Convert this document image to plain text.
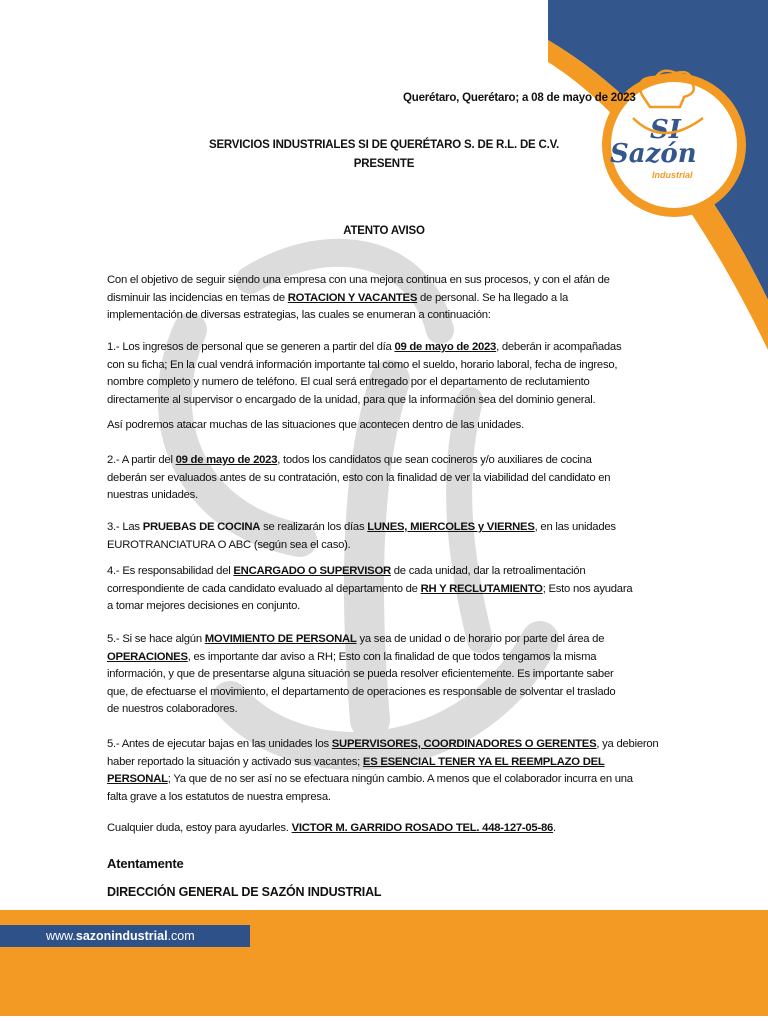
SI
Sazón
Industrial
Querétaro, Querétaro; a 08 de mayo de 2023
SERVICIOS INDUSTRIALES SI DE QUERÉTARO S. DE R.L. DE C.V.
PRESENTE
ATENTO AVISO
Con el objetivo de seguir siendo una empresa con una mejora continua en sus procesos, y con el afán de
disminuir las incidencias en temas de ROTACION Y VACANTES de personal. Se ha llegado a la
implementación de diversas estrategias, las cuales se enumeran a continuación:
1.- Los ingresos de personal que se generen a partir del día 09 de mayo de 2023, deberán ir acompañadas
con su ficha; En la cual vendrá información importante tal como el sueldo, horario laboral, fecha de ingreso,
nombre completo y numero de teléfono. El cual será entregado por el departamento de reclutamiento
directamente al supervisor o encargado de la unidad, para que la información sea del dominio general.
Así podremos atacar muchas de las situaciones que acontecen dentro de las unidades.
2.- A partir del 09 de mayo de 2023, todos los candidatos que sean cocineros y/o auxiliares de cocina
deberán ser evaluados antes de su contratación, esto con la finalidad de ver la viabilidad del candidato en
nuestras unidades.
3.- Las PRUEBAS DE COCINA se realizarán los días LUNES, MIERCOLES y VIERNES, en las unidades
EUROTRANCIATURA O ABC (según sea el caso).
4.- Es responsabilidad del ENCARGADO O SUPERVISOR de cada unidad, dar la retroalimentación
correspondiente de cada candidato evaluado al departamento de RH Y RECLUTAMIENTO; Esto nos ayudara
a tomar mejores decisiones en conjunto.
5.- Si se hace algún MOVIMIENTO DE PERSONAL ya sea de unidad o de horario por parte del área de
OPERACIONES, es importante dar aviso a RH; Esto con la finalidad de que todos tengamos la misma
información, y que de presentarse alguna situación se pueda resolver eficientemente. Es importante saber
que, de efectuarse el movimiento, el departamento de operaciones es responsable de solventar el traslado
de nuestros colaboradores.
5.- Antes de ejecutar bajas en las unidades los SUPERVISORES, COORDINADORES O GERENTES, ya debieron
haber reportado la situación y activado sus vacantes; ES ESENCIAL TENER YA EL REEMPLAZO DEL
PERSONAL; Ya que de no ser así no se efectuara ningún cambio. A menos que el colaborador incurra en una
falta grave a los estatutos de nuestra empresa.
Cualquier duda, estoy para ayudarles. VICTOR M. GARRIDO ROSADO TEL. 448-127-05-86.
Atentamente
DIRECCIÓN GENERAL DE SAZÓN INDUSTRIAL
www.sazonindustrial.com
